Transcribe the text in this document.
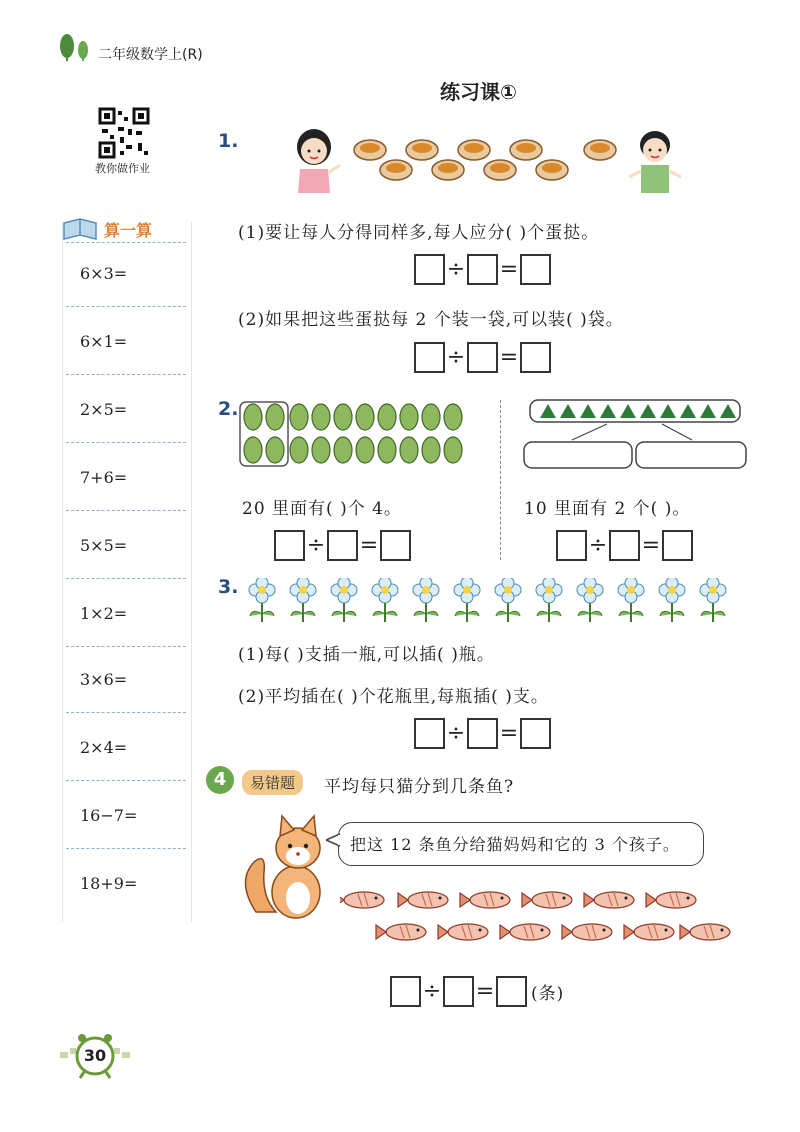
二年级数学上(R)
练习课①
教你做作业
算一算
6×3=
6×1=
2×5=
7+6=
5×5=
1×2=
3×6=
2×4=
16−7=
18+9=
1.
(1)要让每人分得同样多,每人应分( )个蛋挞。
÷ =
(2)如果把这些蛋挞每 2 个装一袋,可以装( )袋。
÷ =
2.
20 里面有( )个 4。	10 里面有 2 个( )。
÷ =	÷ =
3.
(1)每( )支插一瓶,可以插( )瓶。
(2)平均插在( )个花瓶里,每瓶插( )支。
÷ =
4	易错题	平均每只猫分到几条鱼?
把这 12 条鱼分给猫妈妈和它的 3 个孩子。
÷ = (条)
30
